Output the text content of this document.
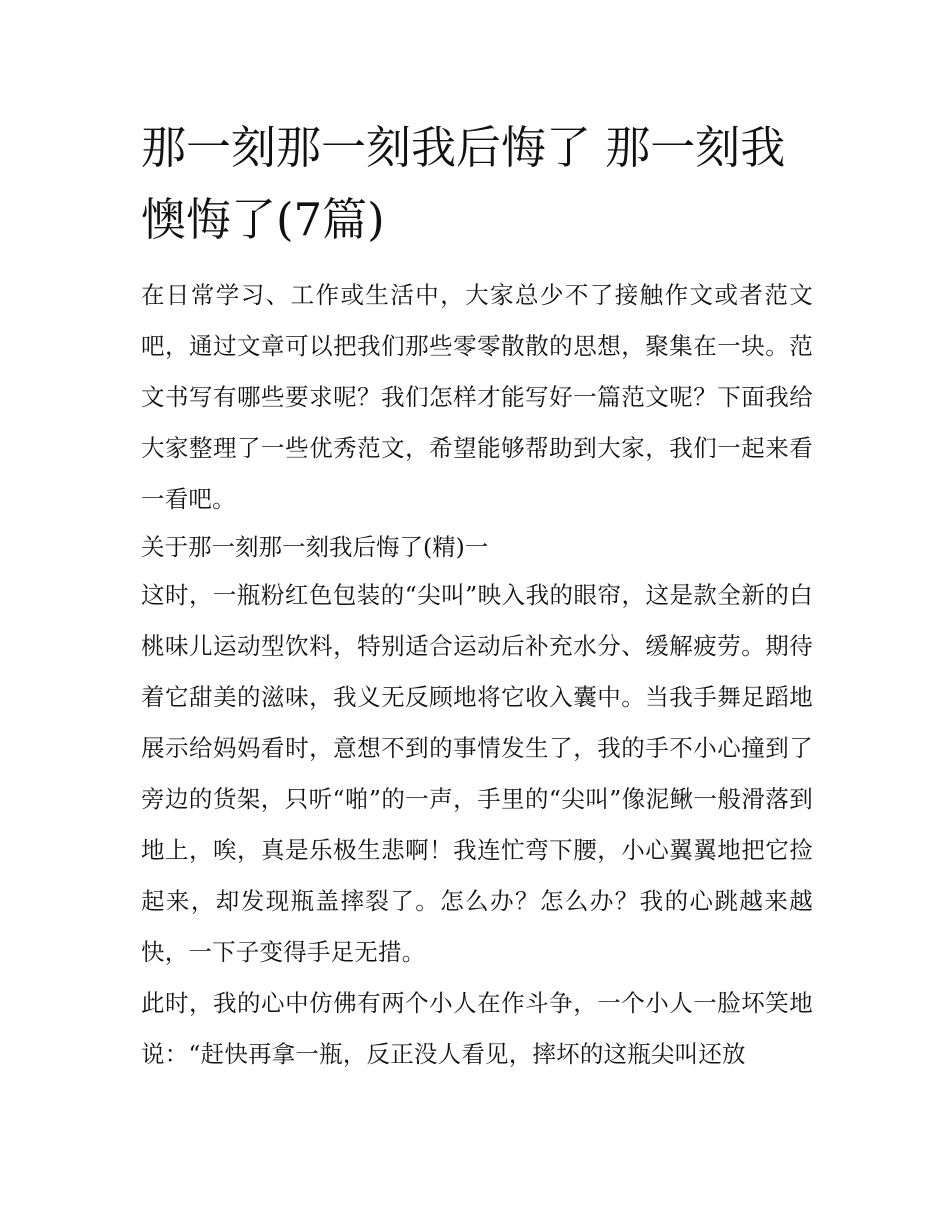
那一刻那一刻我后悔了 那一刻我懊悔了(7篇)

在日常学习、工作或生活中，大家总少不了接触作文或者范文吧，通过文章可以把我们那些零零散散的思想，聚集在一块。范文书写有哪些要求呢？我们怎样才能写好一篇范文呢？下面我给大家整理了一些优秀范文，希望能够帮助到大家，我们一起来看一看吧。

关于那一刻那一刻我后悔了(精)一

这时，一瓶粉红色包装的“尖叫”映入我的眼帘，这是款全新的白桃味儿运动型饮料，特别适合运动后补充水分、缓解疲劳。期待着它甜美的滋味，我义无反顾地将它收入囊中。当我手舞足蹈地展示给妈妈看时，意想不到的事情发生了，我的手不小心撞到了旁边的货架，只听“啪”的一声，手里的“尖叫”像泥鳅一般滑落到地上，唉，真是乐极生悲啊！我连忙弯下腰，小心翼翼地把它捡起来，却发现瓶盖摔裂了。怎么办？怎么办？我的心跳越来越快，一下子变得手足无措。

此时，我的心中仿佛有两个小人在作斗争，一个小人一脸坏笑地说：“赶快再拿一瓶，反正没人看见，摔坏的这瓶尖叫还放
